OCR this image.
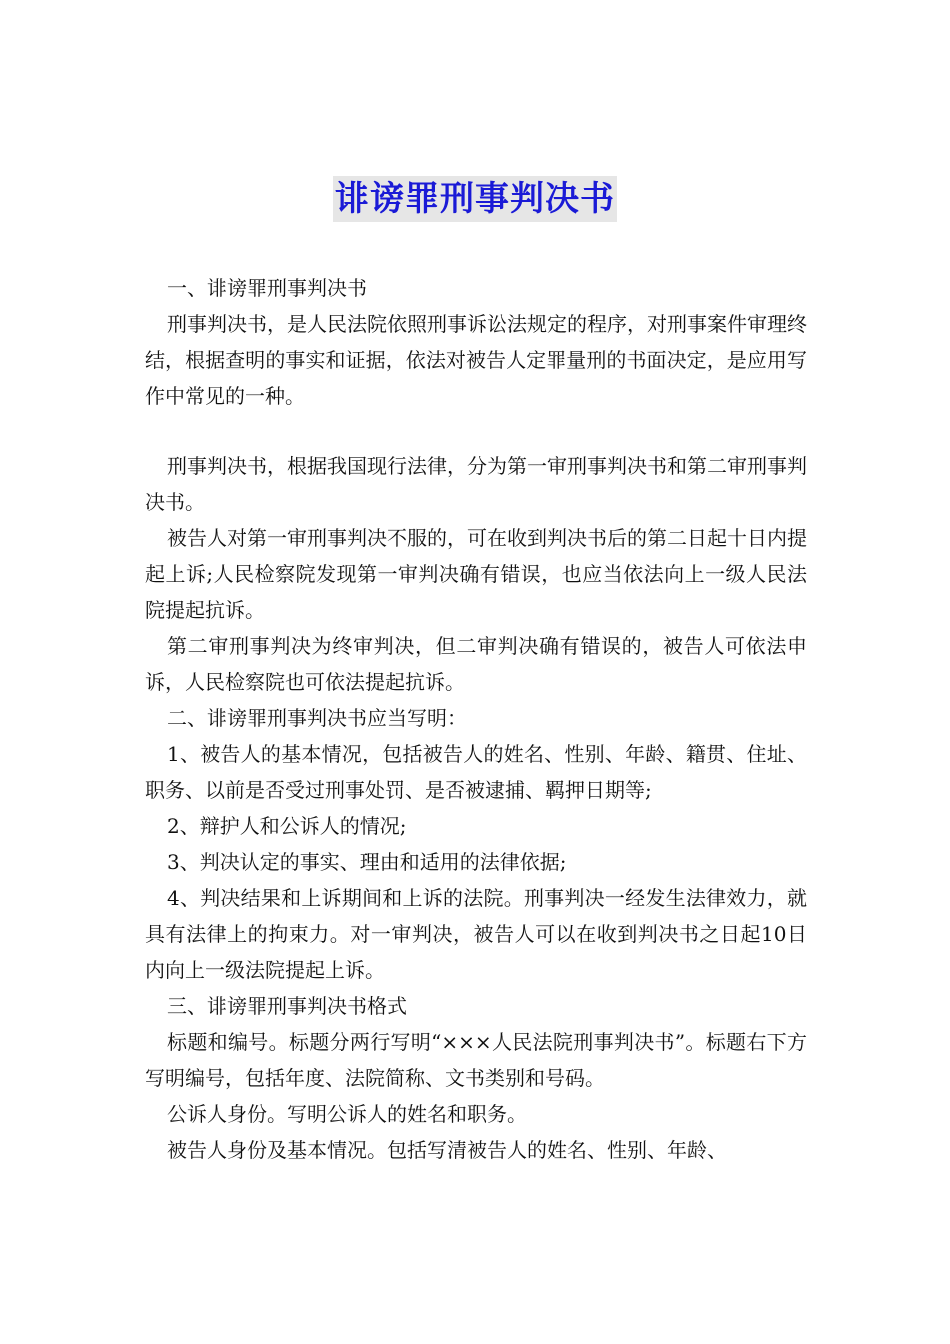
诽谤罪刑事判决书

一、诽谤罪刑事判决书

刑事判决书，是人民法院依照刑事诉讼法规定的程序，对刑事案件审理终结，根据查明的事实和证据，依法对被告人定罪量刑的书面决定，是应用写作中常见的一种。

刑事判决书，根据我国现行法律，分为第一审刑事判决书和第二审刑事判决书。

被告人对第一审刑事判决不服的，可在收到判决书后的第二日起十日内提起上诉;人民检察院发现第一审判决确有错误，也应当依法向上一级人民法院提起抗诉。

第二审刑事判决为终审判决，但二审判决确有错误的，被告人可依法申诉，人民检察院也可依法提起抗诉。

二、诽谤罪刑事判决书应当写明：

1、被告人的基本情况，包括被告人的姓名、性别、年龄、籍贯、住址、职务、以前是否受过刑事处罚、是否被逮捕、羁押日期等;

2、辩护人和公诉人的情况;

3、判决认定的事实、理由和适用的法律依据;

4、判决结果和上诉期间和上诉的法院。刑事判决一经发生法律效力，就具有法律上的拘束力。对一审判决，被告人可以在收到判决书之日起10日内向上一级法院提起上诉。

三、诽谤罪刑事判决书格式

标题和编号。标题分两行写明“×××人民法院刑事判决书”。标题右下方写明编号，包括年度、法院简称、文书类别和号码。

公诉人身份。写明公诉人的姓名和职务。

被告人身份及基本情况。包括写清被告人的姓名、性别、年龄、
